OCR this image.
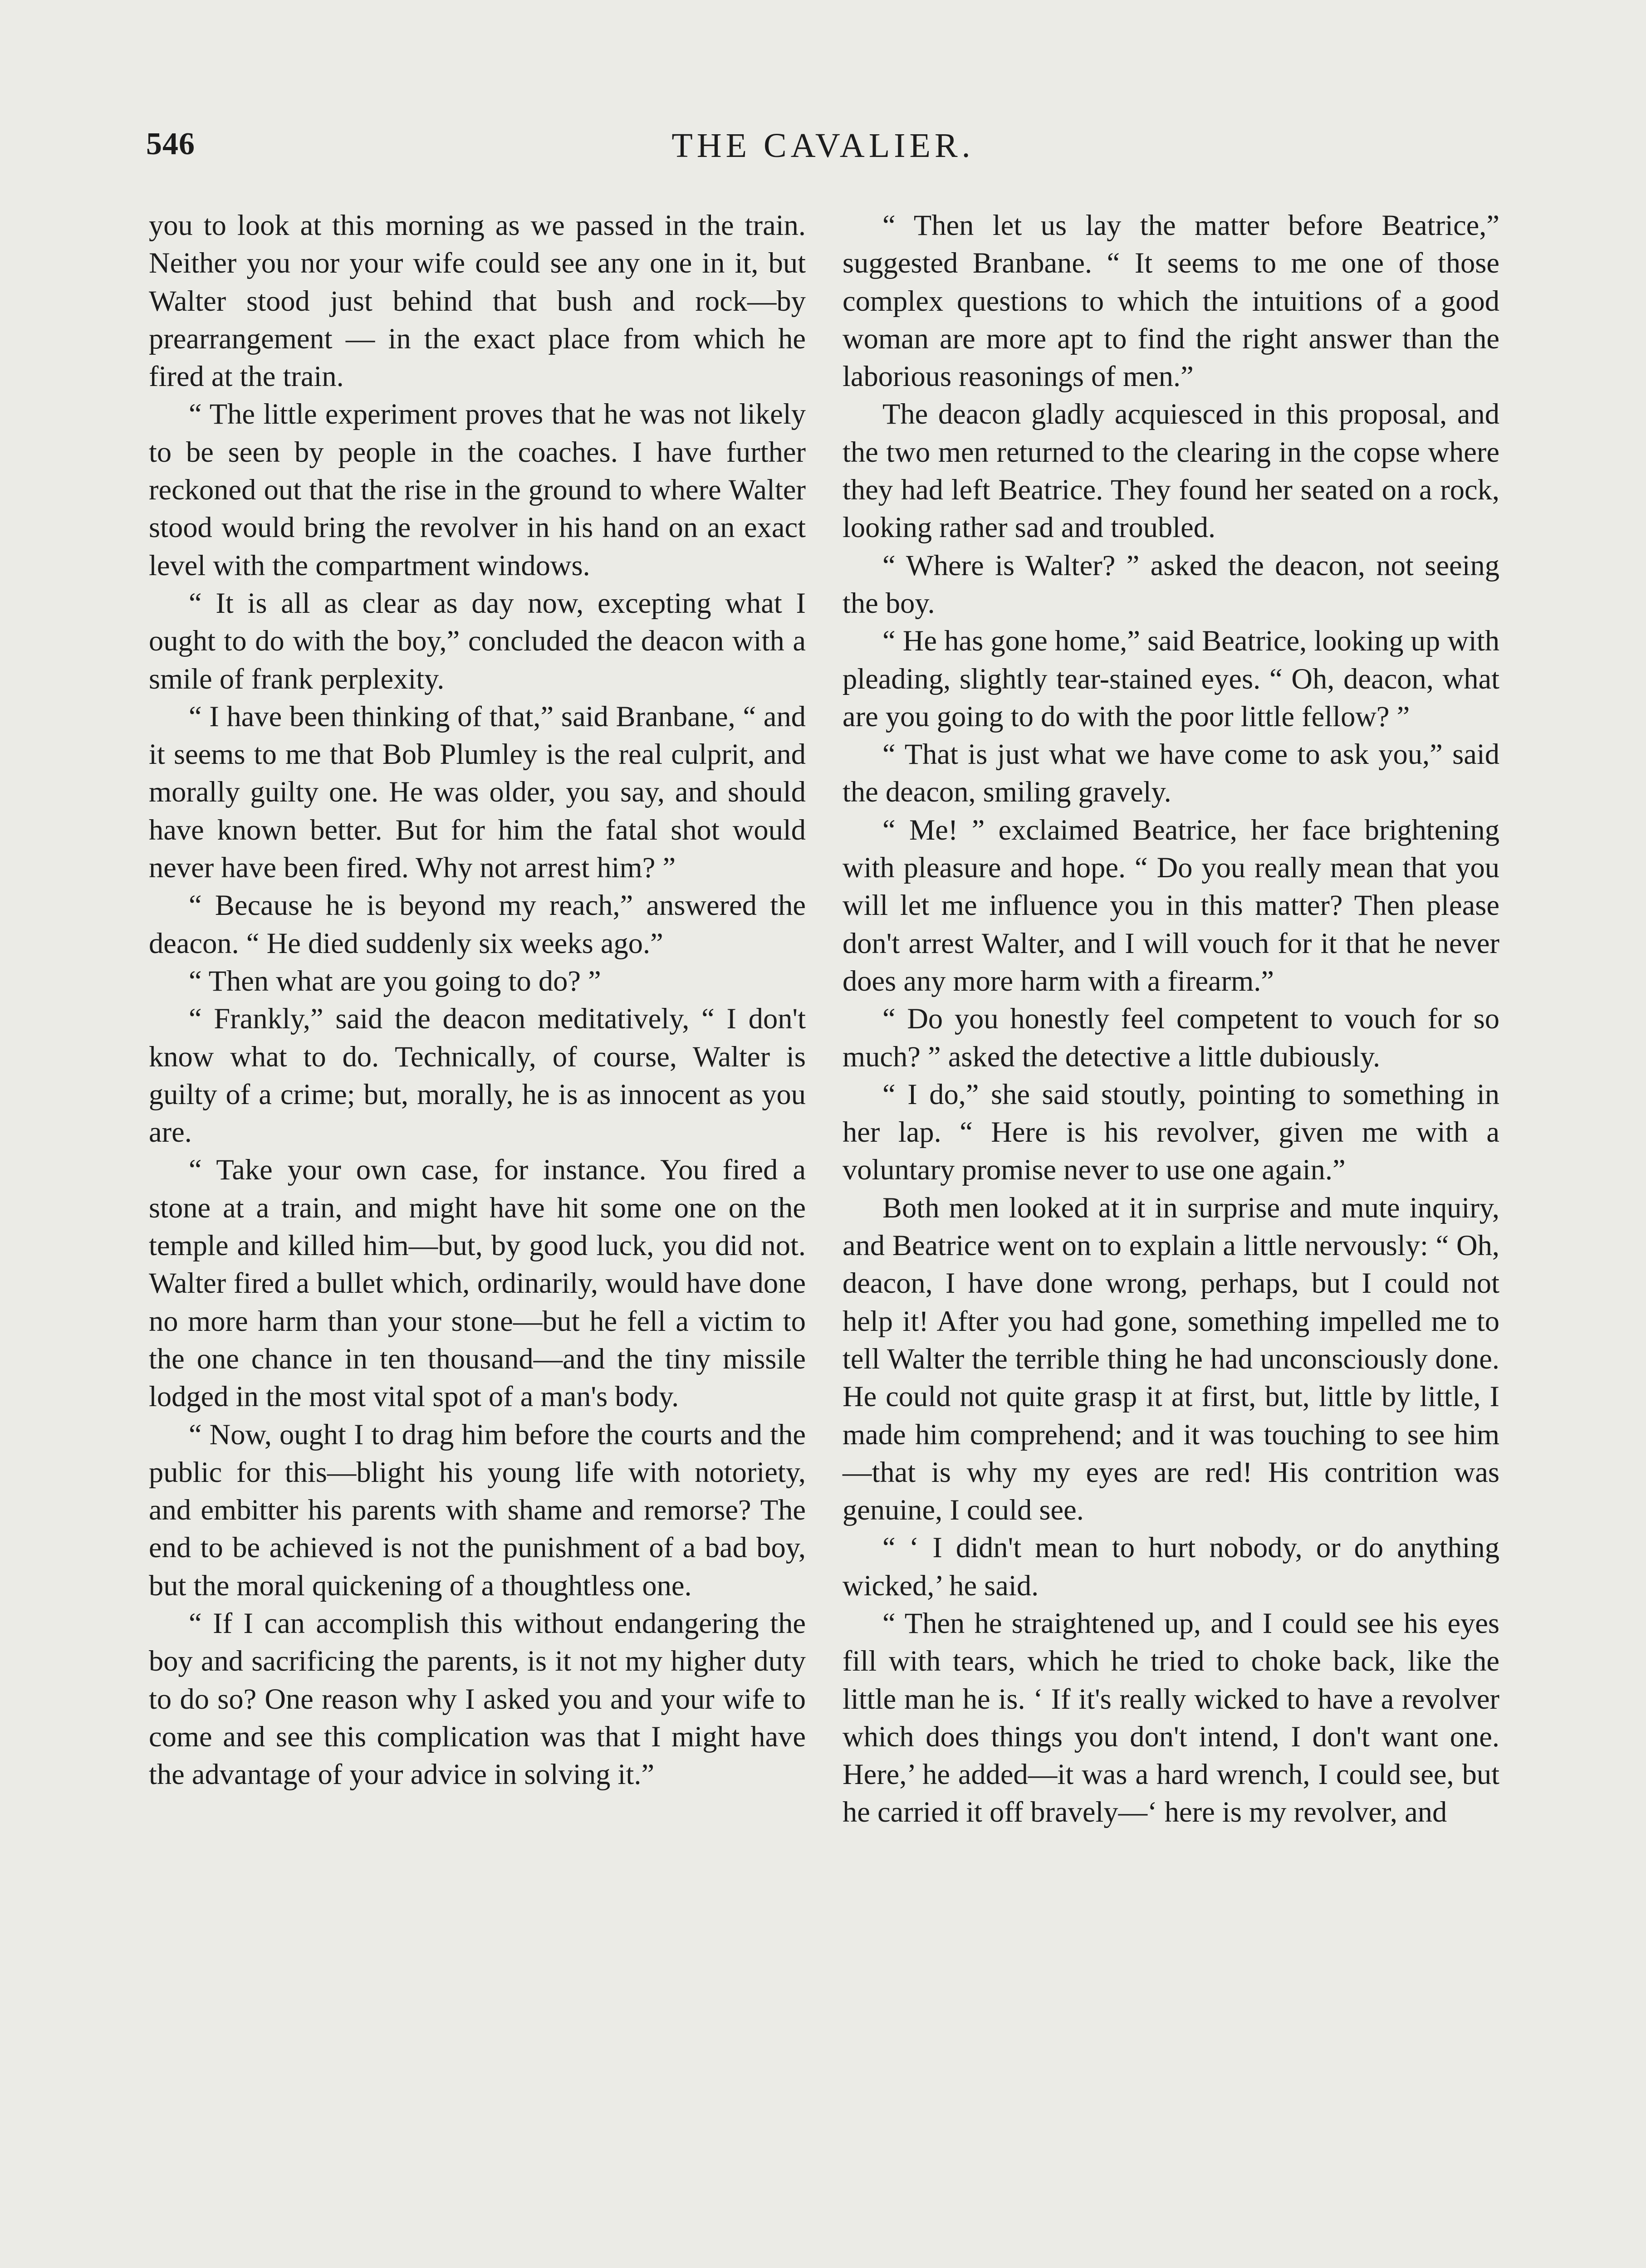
546	THE CAVALIER.

you to look at this morning as we passed in the train. Neither you nor your wife could see any one in it, but Walter stood just behind that bush and rock—by prearrangement — in the exact place from which he fired at the train.

“ The little experiment proves that he was not likely to be seen by people in the coaches. I have further reckoned out that the rise in the ground to where Walter stood would bring the revolver in his hand on an exact level with the compartment windows.

“ It is all as clear as day now, excepting what I ought to do with the boy,” concluded the deacon with a smile of frank perplexity.

“ I have been thinking of that,” said Branbane, “ and it seems to me that Bob Plumley is the real culprit, and morally guilty one. He was older, you say, and should have known better. But for him the fatal shot would never have been fired. Why not arrest him? ”

“ Because he is beyond my reach,” answered the deacon. “ He died suddenly six weeks ago.”

“ Then what are you going to do? ”

“ Frankly,” said the deacon meditatively, “ I don't know what to do. Technically, of course, Walter is guilty of a crime; but, morally, he is as innocent as you are.

“ Take your own case, for instance. You fired a stone at a train, and might have hit some one on the temple and killed him—but, by good luck, you did not. Walter fired a bullet which, ordinarily, would have done no more harm than your stone—but he fell a victim to the one chance in ten thousand—and the tiny missile lodged in the most vital spot of a man's body.

“ Now, ought I to drag him before the courts and the public for this—blight his young life with notoriety, and embitter his parents with shame and remorse? The end to be achieved is not the punishment of a bad boy, but the moral quickening of a thoughtless one.

“ If I can accomplish this without endangering the boy and sacrificing the parents, is it not my higher duty to do so? One reason why I asked you and your wife to come and see this complication was that I might have the advantage of your advice in solving it.”

“ Then let us lay the matter before Beatrice,” suggested Branbane. “ It seems to me one of those complex questions to which the intuitions of a good woman are more apt to find the right answer than the laborious reasonings of men.”

The deacon gladly acquiesced in this proposal, and the two men returned to the clearing in the copse where they had left Beatrice. They found her seated on a rock, looking rather sad and troubled.

“ Where is Walter? ” asked the deacon, not seeing the boy.

“ He has gone home,” said Beatrice, looking up with pleading, slightly tear-stained eyes. “ Oh, deacon, what are you going to do with the poor little fellow? ”

“ That is just what we have come to ask you,” said the deacon, smiling gravely.

“ Me! ” exclaimed Beatrice, her face brightening with pleasure and hope. “ Do you really mean that you will let me influence you in this matter? Then please don't arrest Walter, and I will vouch for it that he never does any more harm with a firearm.”

“ Do you honestly feel competent to vouch for so much? ” asked the detective a little dubiously.

“ I do,” she said stoutly, pointing to something in her lap. “ Here is his revolver, given me with a voluntary promise never to use one again.”

Both men looked at it in surprise and mute inquiry, and Beatrice went on to explain a little nervously: “ Oh, deacon, I have done wrong, perhaps, but I could not help it! After you had gone, something impelled me to tell Walter the terrible thing he had unconsciously done. He could not quite grasp it at first, but, little by little, I made him comprehend; and it was touching to see him—that is why my eyes are red! His contrition was genuine, I could see.

“ ‘ I didn't mean to hurt nobody, or do anything wicked,’ he said.

“ Then he straightened up, and I could see his eyes fill with tears, which he tried to choke back, like the little man he is. ‘ If it's really wicked to have a revolver which does things you don't intend, I don't want one. Here,’ he added—it was a hard wrench, I could see, but he carried it off bravely—‘ here is my revolver, and
